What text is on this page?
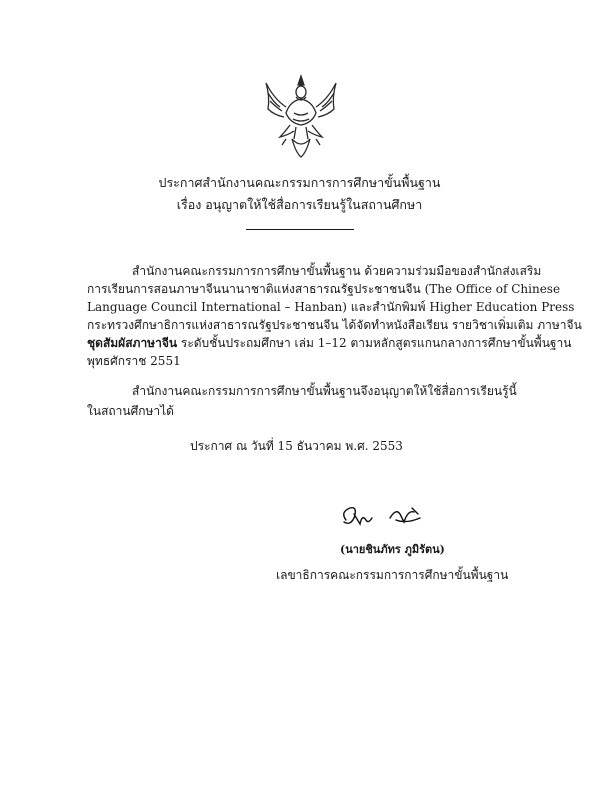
ประกาศสำนักงานคณะกรรมการการศึกษาขั้นพื้นฐาน
เรื่อง อนุญาตให้ใช้สื่อการเรียนรู้ในสถานศึกษา
สำนักงานคณะกรรมการการศึกษาขั้นพื้นฐาน ด้วยความร่วมมือของสำนักส่งเสริม
การเรียนการสอนภาษาจีนนานาชาติแห่งสาธารณรัฐประชาชนจีน (The Office of Chinese
Language Council International – Hanban) และสำนักพิมพ์ Higher Education Press
กระทรวงศึกษาธิการแห่งสาธารณรัฐประชาชนจีน ได้จัดทำหนังสือเรียน รายวิชาเพิ่มเติม ภาษาจีน
ชุดสัมผัสภาษาจีน ระดับชั้นประถมศึกษา เล่ม 1–12 ตามหลักสูตรแกนกลางการศึกษาขั้นพื้นฐาน
พุทธศักราช 2551
สำนักงานคณะกรรมการการศึกษาขั้นพื้นฐานจึงอนุญาตให้ใช้สื่อการเรียนรู้นี้
ในสถานศึกษาได้
ประกาศ ณ วันที่ 15 ธันวาคม พ.ศ. 2553
(นายชินภัทร ภูมิรัตน)
เลขาธิการคณะกรรมการการศึกษาขั้นพื้นฐาน
